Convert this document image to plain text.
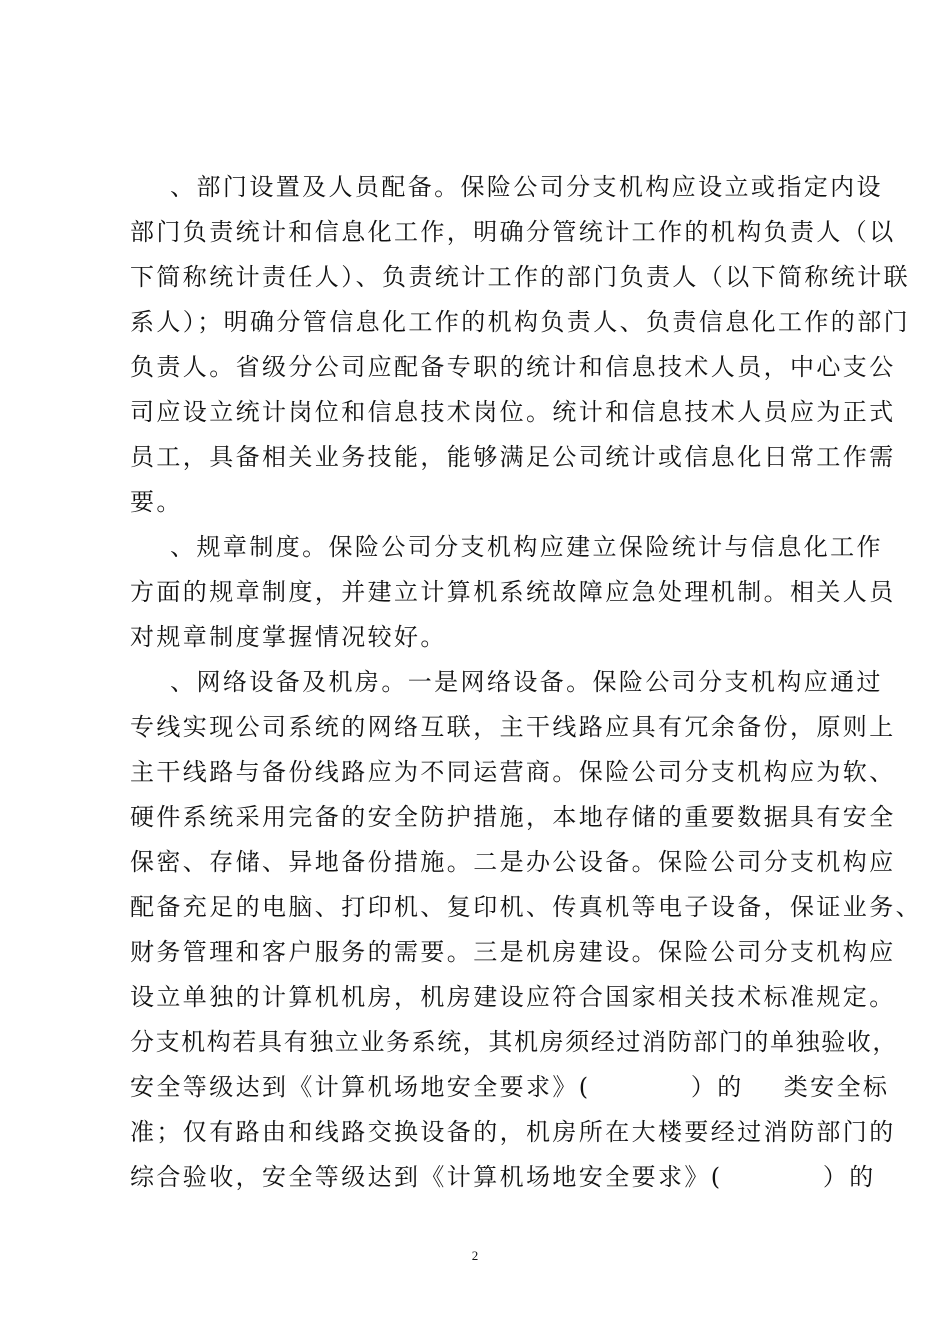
、部门设置及人员配备。保险公司分支机构应设立或指定内设
部门负责统计和信息化工作，明确分管统计工作的机构负责人（以
下简称统计责任人）、负责统计工作的部门负责人（以下简称统计联
系人）；明确分管信息化工作的机构负责人、负责信息化工作的部门
负责人。省级分公司应配备专职的统计和信息技术人员，中心支公
司应设立统计岗位和信息技术岗位。统计和信息技术人员应为正式
员工，具备相关业务技能，能够满足公司统计或信息化日常工作需
要。
、规章制度。保险公司分支机构应建立保险统计与信息化工作
方面的规章制度，并建立计算机系统故障应急处理机制。相关人员
对规章制度掌握情况较好。
、网络设备及机房。一是网络设备。保险公司分支机构应通过
专线实现公司系统的网络互联，主干线路应具有冗余备份，原则上
主干线路与备份线路应为不同运营商。保险公司分支机构应为软、
硬件系统采用完备的安全防护措施，本地存储的重要数据具有安全
保密、存储、异地备份措施。二是办公设备。保险公司分支机构应
配备充足的电脑、打印机、复印机、传真机等电子设备，保证业务、
财务管理和客户服务的需要。三是机房建设。保险公司分支机构应
设立单独的计算机机房，机房建设应符合国家相关技术标准规定。
分支机构若具有独立业务系统，其机房须经过消防部门的单独验收，
安全等级达到《计算机场地安全要求》(          ）的    类安全标
准；仅有路由和线路交换设备的，机房所在大楼要经过消防部门的
综合验收，安全等级达到《计算机场地安全要求》(          ）的
2
